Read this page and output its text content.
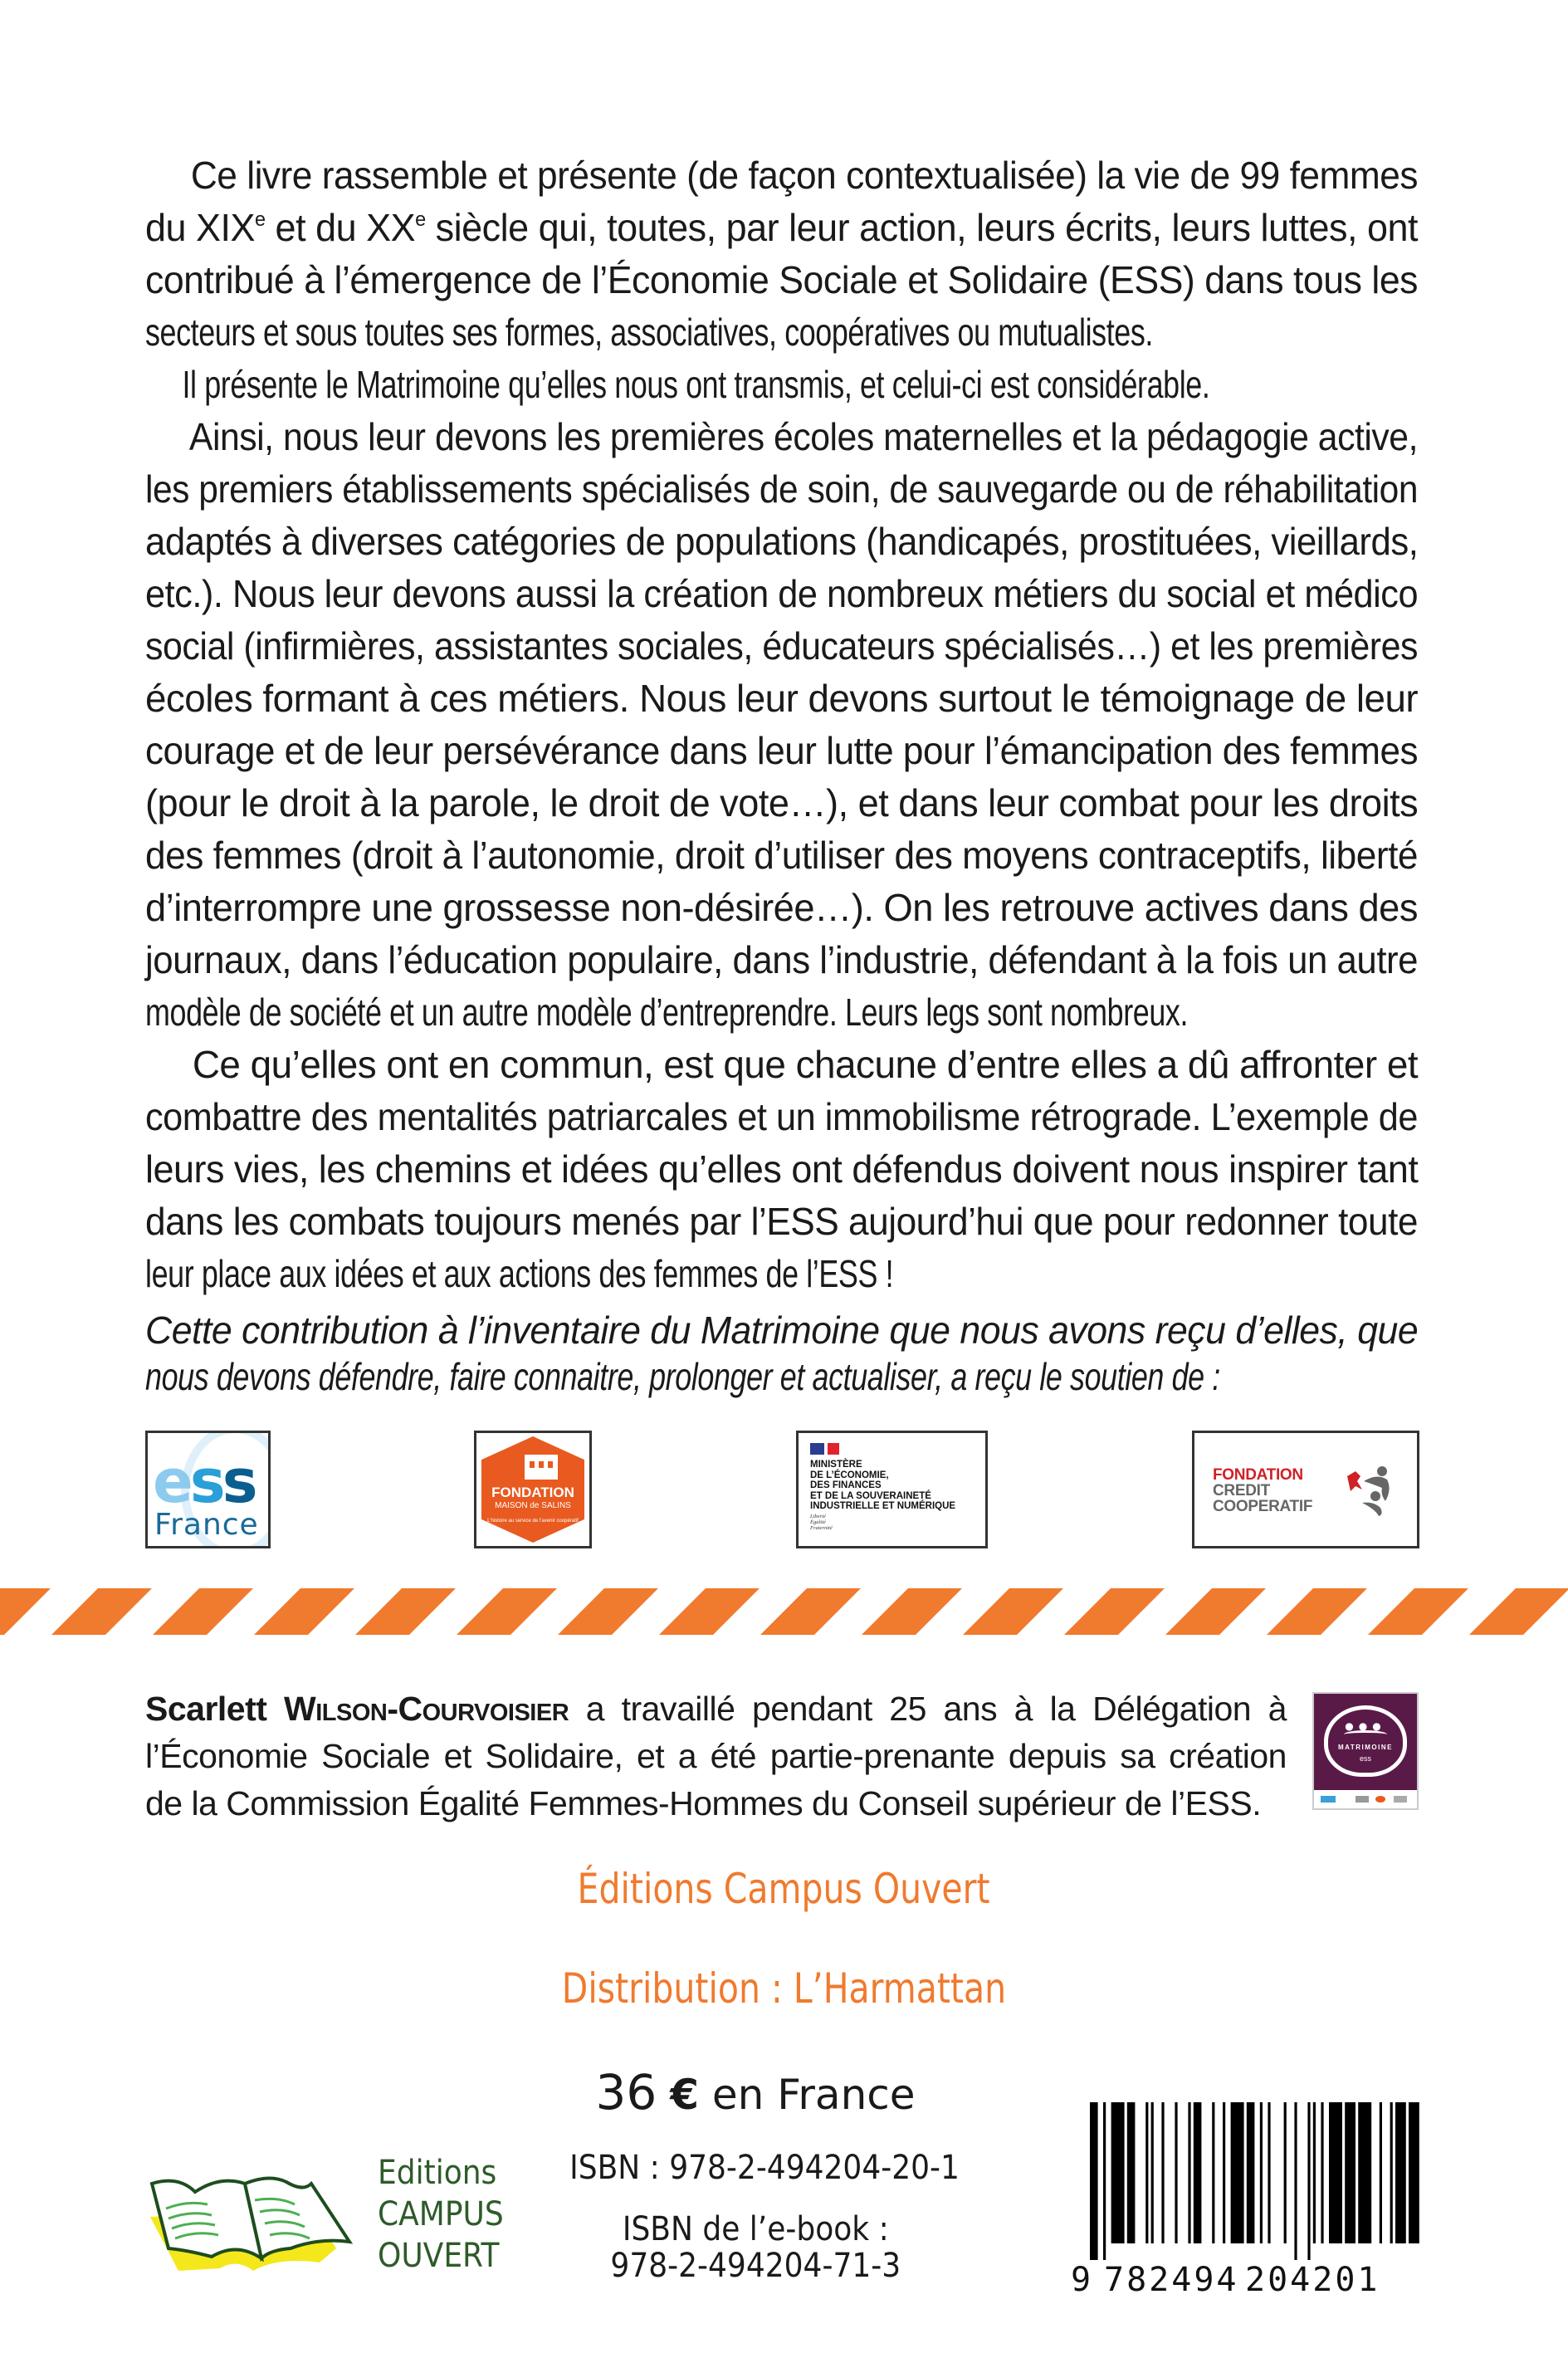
Ce livre rassemble et présente (de façon contextualisée) la vie de 99 femmes
du XIXe et du XXe siècle qui, toutes, par leur action, leurs écrits, leurs luttes, ont
contribué à l’émergence de l’Économie Sociale et Solidaire (ESS) dans tous les
secteurs et sous toutes ses formes, associatives, coopératives ou mutualistes.
Il présente le Matrimoine qu’elles nous ont transmis, et celui-ci est considérable.
Ainsi, nous leur devons les premières écoles maternelles et la pédagogie active,
les premiers établissements spécialisés de soin, de sauvegarde ou de réhabilitation
adaptés à diverses catégories de populations (handicapés, prostituées, vieillards,
etc.). Nous leur devons aussi la création de nombreux métiers du social et médico
social (infirmières, assistantes sociales, éducateurs spécialisés…) et les premières
écoles formant à ces métiers. Nous leur devons surtout le témoignage de leur
courage et de leur persévérance dans leur lutte pour l’émancipation des femmes
(pour le droit à la parole, le droit de vote…), et dans leur combat pour les droits
des femmes (droit à l’autonomie, droit d’utiliser des moyens contraceptifs, liberté
d’interrompre une grossesse non-désirée…). On les retrouve actives dans des
journaux, dans l’éducation populaire, dans l’industrie, défendant à la fois un autre
modèle de société et un autre modèle d’entreprendre. Leurs legs sont nombreux.
Ce qu’elles ont en commun, est que chacune d’entre elles a dû affronter et
combattre des mentalités patriarcales et un immobilisme rétrograde. L’exemple de
leurs vies, les chemins et idées qu’elles ont défendus doivent nous inspirer tant
dans les combats toujours menés par l’ESS aujourd’hui que pour redonner toute
leur place aux idées et aux actions des femmes de l’ESS !
Cette contribution à l’inventaire du Matrimoine que nous avons reçu d’elles, que
nous devons défendre, faire connaitre, prolonger et actualiser, a reçu le soutien de :
ess
France
FONDATION
MAISON de SALINS
L’histoire au service de l’avenir coopératif
MINISTÈRE
DE L’ÉCONOMIE,
DES FINANCES
ET DE LA SOUVERAINETÉ
INDUSTRIELLE ET NUMÉRIQUE
Liberté
Égalité
Fraternité
FONDATION
CREDIT
COOPERATIF
Scarlett Wilson-Courvoisier a travaillé pendant 25 ans à la Délégation à
l’Économie Sociale et Solidaire, et a été partie-prenante depuis sa création
de la Commission Égalité Femmes-Hommes du Conseil supérieur de l’ESS.
●●●
MATRIMOINE
ess
Éditions Campus Ouvert
Distribution : L’Harmattan
36 € en France
ISBN : 978-2-494204-20-1
ISBN de l’e-book :
978-2-494204-71-3	9 782494 204201
Editions
CAMPUS
OUVERT
